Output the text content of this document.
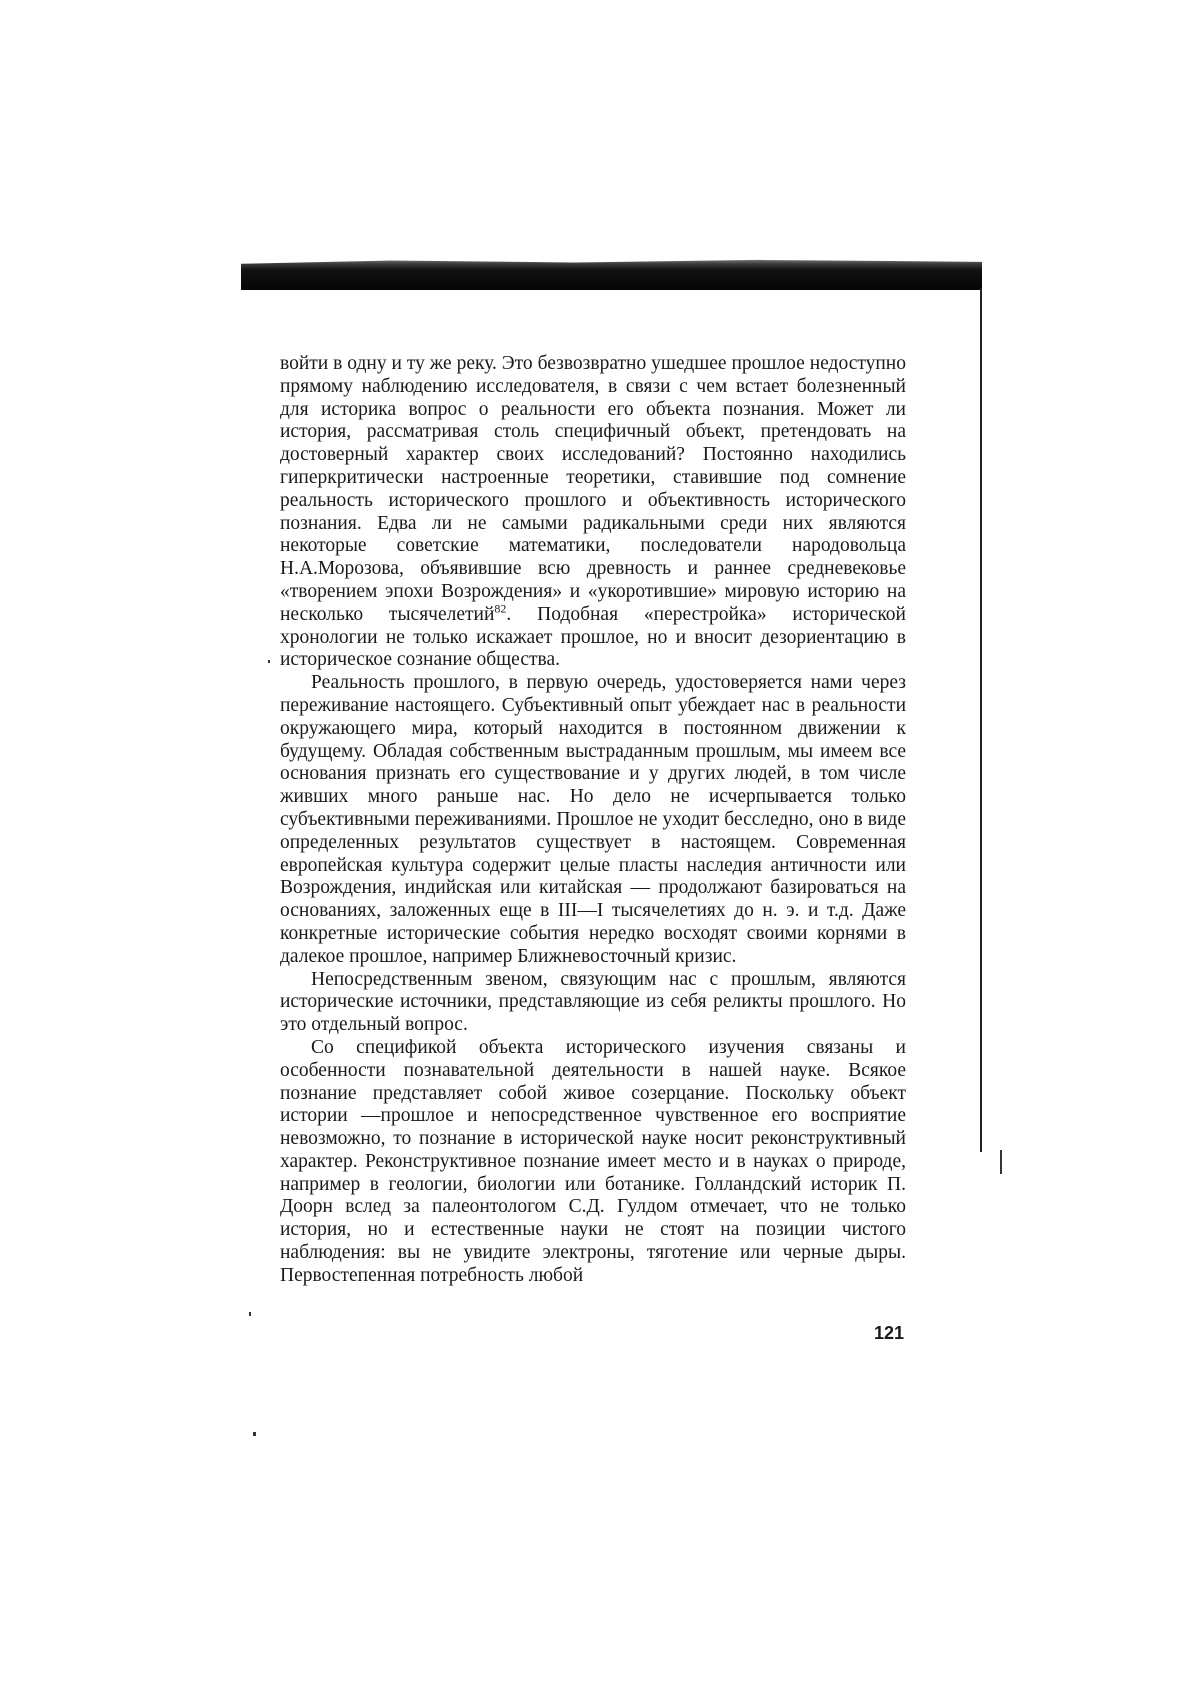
войти в одну и ту же реку. Это безвозвратно ушедшее прошлое недоступно прямому наблюдению исследователя, в связи с чем встает болезненный для историка вопрос о реальности его объекта познания. Может ли история, рассматривая столь специфичный объект, претендовать на достоверный характер своих исследований? Постоянно находились гиперкритически настроенные теоретики, ставившие под сомнение реальность исторического прошлого и объективность исторического познания. Едва ли не самыми радикальными среди них являются некоторые советские математики, последователи народовольца Н.А.Морозова, объявившие всю древность и раннее средневековье «творением эпохи Возрождения» и «укоротившие» мировую историю на несколько тысячелетий$^{82}$. Подобная «перестройка» исторической хронологии не только искажает прошлое, но и вносит дезориентацию в историческое сознание общества.

Реальность прошлого, в первую очередь, удостоверяется нами через переживание настоящего. Субъективный опыт убеждает нас в реальности окружающего мира, который находится в постоянном движении к будущему. Обладая собственным выстраданным прошлым, мы имеем все основания признать его существование и у других людей, в том числе живших много раньше нас. Но дело не исчерпывается только субъективными переживаниями. Прошлое не уходит бесследно, оно в виде определенных результатов существует в настоящем. Современная европейская культура содержит целые пласты наследия античности или Возрождения, индийская или китайская — продолжают базироваться на основаниях, заложенных еще в III—I тысячелетиях до н. э. и т.д. Даже конкретные исторические события нередко восходят своими корнями в далекое прошлое, например Ближневосточный кризис.

Непосредственным звеном, связующим нас с прошлым, являются исторические источники, представляющие из себя реликты прошлого. Но это отдельный вопрос.

Со спецификой объекта исторического изучения связаны и особенности познавательной деятельности в нашей науке. Всякое познание представляет собой живое созерцание. Поскольку объект истории —прошлое и непосредственное чувственное его восприятие невозможно, то познание в исторической науке носит реконструктивный характер. Реконструктивное познание имеет место и в науках о природе, например в геологии, биологии или ботанике. Голландский историк П. Доорн вслед за палеонтологом С.Д. Гулдом отмечает, что не только история, но и естественные науки не стоят на позиции чистого наблюдения: вы не увидите электроны, тяготение или черные дыры. Первостепенная потребность любой

121
